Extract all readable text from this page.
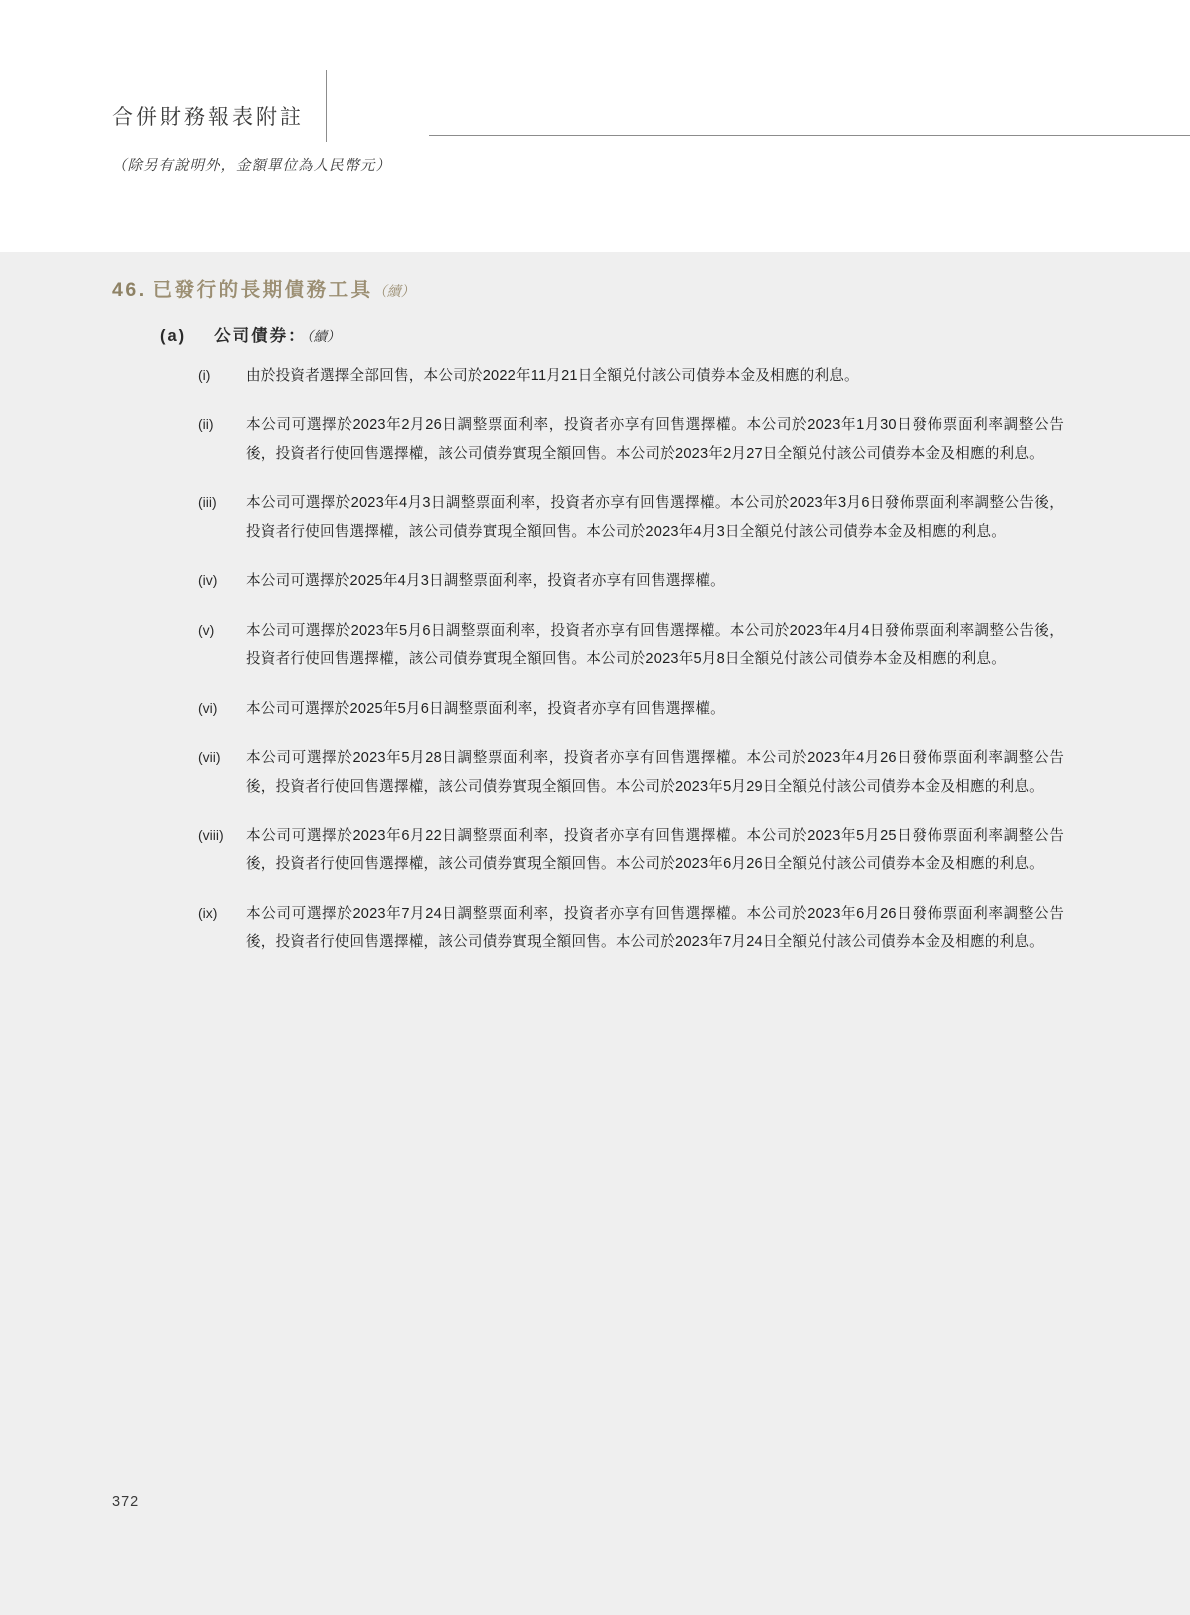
合併財務報表附註
（除另有說明外，金額單位為人民幣元）
46. 已發行的長期債務工具（續）
(a) 公司債券：（續）
(i)	由於投資者選擇全部回售，本公司於2022年11月21日全額兑付該公司債券本金及相應的利息。
(ii)	本公司可選擇於2023年2月26日調整票面利率，投資者亦享有回售選擇權。本公司於2023年1月30日發佈票面利率調整公告後，投資者行使回售選擇權，該公司債券實現全額回售。本公司於2023年2月27日全額兑付該公司債券本金及相應的利息。
(iii)	本公司可選擇於2023年4月3日調整票面利率，投資者亦享有回售選擇權。本公司於2023年3月6日發佈票面利率調整公告後，投資者行使回售選擇權，該公司債券實現全額回售。本公司於2023年4月3日全額兑付該公司債券本金及相應的利息。
(iv)	本公司可選擇於2025年4月3日調整票面利率，投資者亦享有回售選擇權。
(v)	本公司可選擇於2023年5月6日調整票面利率，投資者亦享有回售選擇權。本公司於2023年4月4日發佈票面利率調整公告後，投資者行使回售選擇權，該公司債券實現全額回售。本公司於2023年5月8日全額兑付該公司債券本金及相應的利息。
(vi)	本公司可選擇於2025年5月6日調整票面利率，投資者亦享有回售選擇權。
(vii)	本公司可選擇於2023年5月28日調整票面利率，投資者亦享有回售選擇權。本公司於2023年4月26日發佈票面利率調整公告後，投資者行使回售選擇權，該公司債券實現全額回售。本公司於2023年5月29日全額兑付該公司債券本金及相應的利息。
(viii)	本公司可選擇於2023年6月22日調整票面利率，投資者亦享有回售選擇權。本公司於2023年5月25日發佈票面利率調整公告後，投資者行使回售選擇權，該公司債券實現全額回售。本公司於2023年6月26日全額兑付該公司債券本金及相應的利息。
(ix)	本公司可選擇於2023年7月24日調整票面利率，投資者亦享有回售選擇權。本公司於2023年6月26日發佈票面利率調整公告後，投資者行使回售選擇權，該公司債券實現全額回售。本公司於2023年7月24日全額兑付該公司債券本金及相應的利息。
372
